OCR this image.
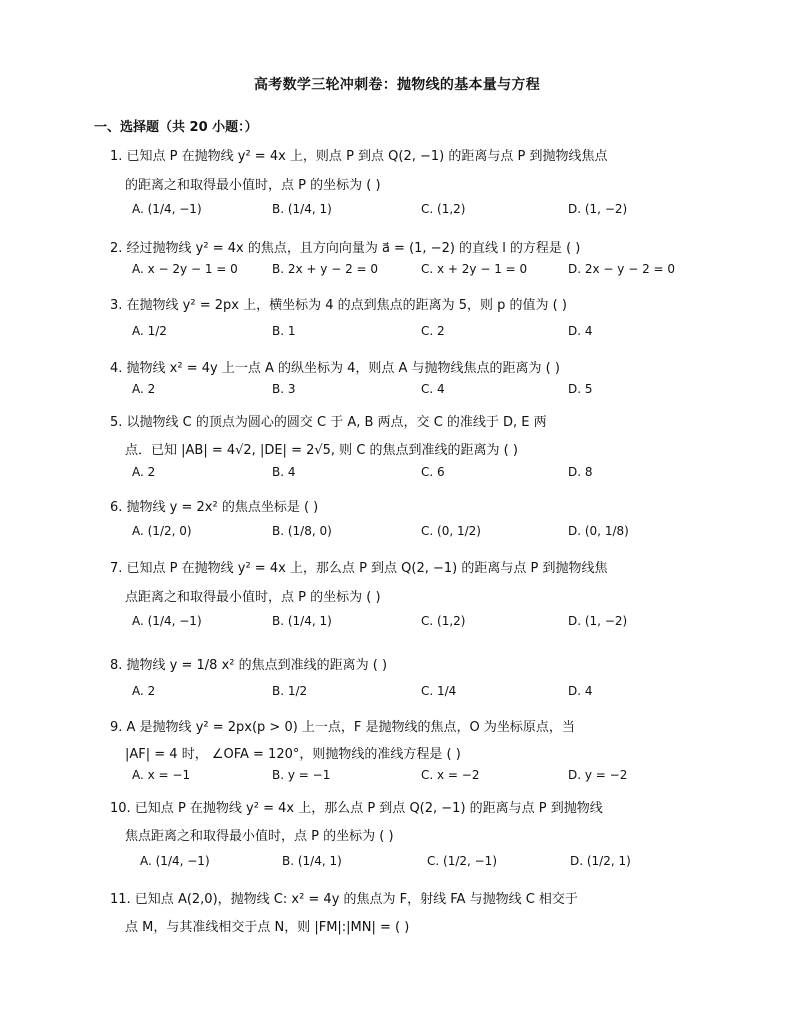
高考数学三轮冲刺卷：抛物线的基本量与方程
一、选择题（共 20 小题：）
1. 已知点 P 在抛物线 y² = 4x 上，则点 P 到点 Q(2, −1) 的距离与点 P 到抛物线焦点
的距离之和取得最小值时，点 P 的坐标为 ( )
A. (1/4, −1)	B. (1/4, 1)	C. (1,2)	D. (1, −2)
2. 经过抛物线 y² = 4x 的焦点，且方向向量为 a⃗ = (1, −2) 的直线 l 的方程是 ( )
A. x − 2y − 1 = 0	B. 2x + y − 2 = 0	C. x + 2y − 1 = 0	D. 2x − y − 2 = 0
3. 在抛物线 y² = 2px 上，横坐标为 4 的点到焦点的距离为 5，则 p 的值为 ( )
A. 1/2	B. 1	C. 2	D. 4
4. 抛物线 x² = 4y 上一点 A 的纵坐标为 4，则点 A 与抛物线焦点的距离为 ( )
A. 2	B. 3	C. 4	D. 5
5. 以抛物线 C 的顶点为圆心的圆交 C 于 A, B 两点，交 C 的准线于 D, E 两
点．已知 |AB| = 4√2, |DE| = 2√5, 则 C 的焦点到准线的距离为 ( )
A. 2	B. 4	C. 6	D. 8
6. 抛物线 y = 2x² 的焦点坐标是 ( )
A. (1/2, 0)	B. (1/8, 0)	C. (0, 1/2)	D. (0, 1/8)
7. 已知点 P 在抛物线 y² = 4x 上，那么点 P 到点 Q(2, −1) 的距离与点 P 到抛物线焦
点距离之和取得最小值时，点 P 的坐标为 ( )
A. (1/4, −1)	B. (1/4, 1)	C. (1,2)	D. (1, −2)
8. 抛物线 y = 1/8 x² 的焦点到准线的距离为 ( )
A. 2	B. 1/2	C. 1/4	D. 4
9. A 是抛物线 y² = 2px(p > 0) 上一点，F 是抛物线的焦点，O 为坐标原点，当
|AF| = 4 时， ∠OFA = 120°，则抛物线的准线方程是 ( )
A. x = −1	B. y = −1	C. x = −2	D. y = −2
10. 已知点 P 在抛物线 y² = 4x 上，那么点 P 到点 Q(2, −1) 的距离与点 P 到抛物线
焦点距离之和取得最小值时，点 P 的坐标为 ( )
A. (1/4, −1)	B. (1/4, 1)	C. (1/2, −1)	D. (1/2, 1)
11. 已知点 A(2,0)，抛物线 C: x² = 4y 的焦点为 F，射线 FA 与抛物线 C 相交于
点 M，与其准线相交于点 N，则 |FM|:|MN| = ( )
